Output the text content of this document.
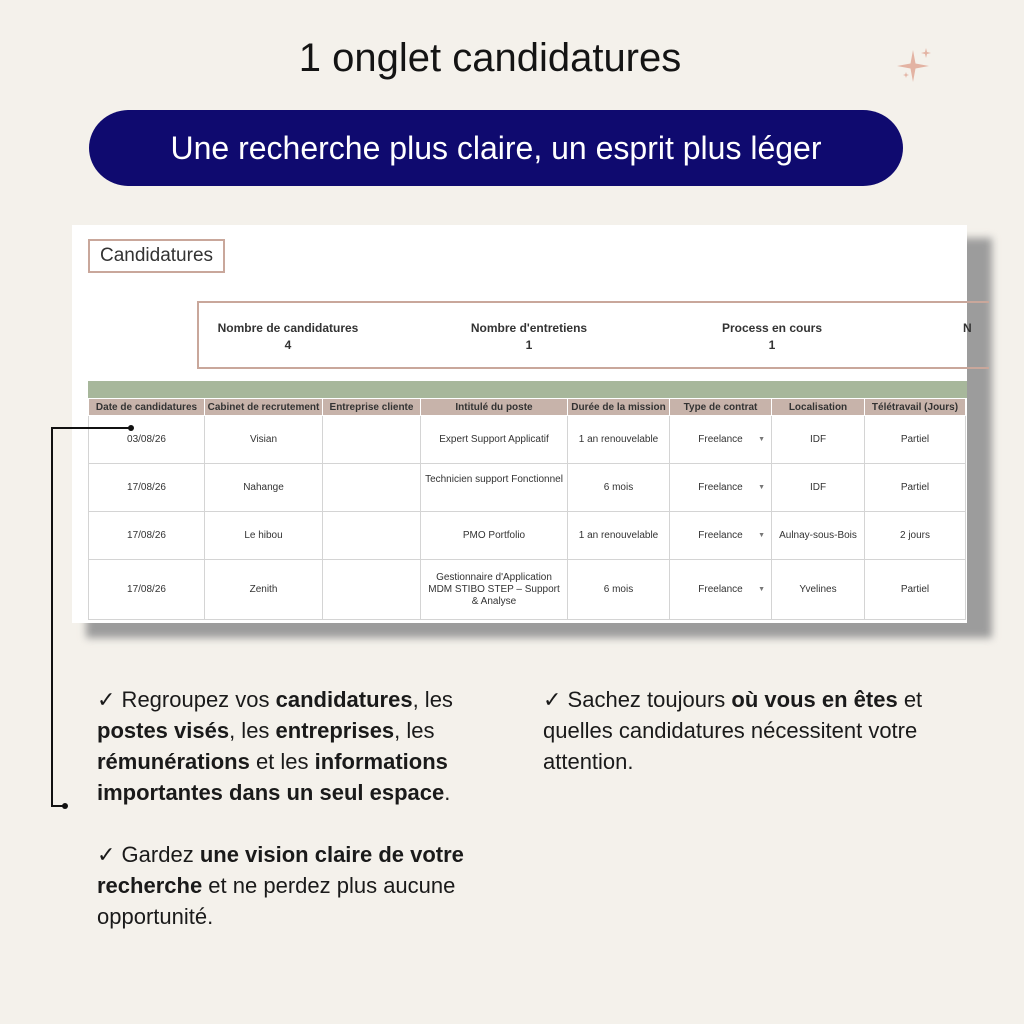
1 onglet candidatures
Une recherche plus claire, un esprit plus léger
Candidatures
Nombre de candidatures
4
Nombre d'entretiens
1
Process en cours
1
N
Date de candidatures	Cabinet de recrutement	Entreprise cliente	Intitulé du poste	Durée de la mission	Type de contrat	Localisation	Télétravail (Jours)
03/08/26	Visian		Expert Support Applicatif	1 an renouvelable	Freelance ▼	IDF	Partiel
17/08/26	Nahange		Technicien support Fonctionnel	6 mois	Freelance ▼	IDF	Partiel
17/08/26	Le hibou		PMO Portfolio	1 an renouvelable	Freelance ▼	Aulnay-sous-Bois	2 jours
17/08/26	Zenith		Gestionnaire d'Application MDM STIBO STEP – Support & Analyse	6 mois	Freelance ▼	Yvelines	Partiel

✓ Regroupez vos candidatures, les postes visés, les entreprises, les rémunérations et les informations importantes dans un seul espace.

✓ Gardez une vision claire de votre recherche et ne perdez plus aucune opportunité.

✓ Sachez toujours où vous en êtes et quelles candidatures nécessitent votre attention.
